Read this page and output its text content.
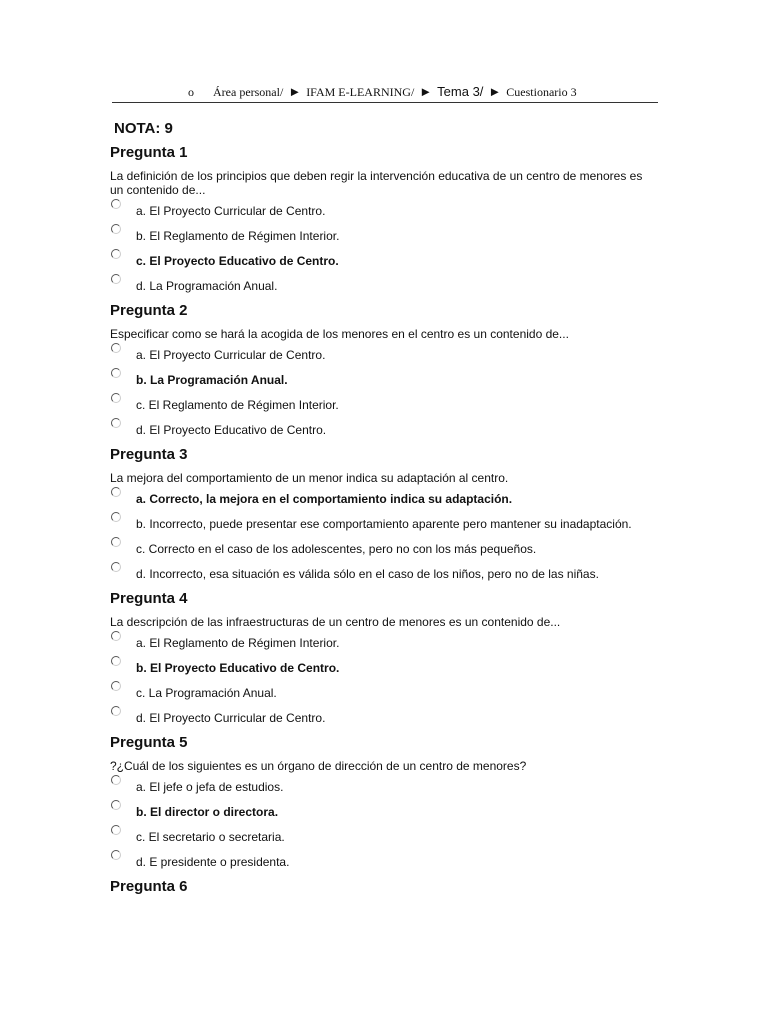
o Área personal/ ► IFAM E-LEARNING/ ► Tema 3/ ► Cuestionario 3
NOTA: 9
Pregunta 1
La definición de los principios que deben regir la intervención educativa de un centro de menores es un contenido de...
a. El Proyecto Curricular de Centro.
b. El Reglamento de Régimen Interior.
c. El Proyecto Educativo de Centro.
d. La Programación Anual.
Pregunta 2
Especificar como se hará la acogida de los menores en el centro es un contenido de...
a. El Proyecto Curricular de Centro.
b. La Programación Anual.
c. El Reglamento de Régimen Interior.
d. El Proyecto Educativo de Centro.
Pregunta 3
La mejora del comportamiento de un menor indica su adaptación al centro.
a. Correcto, la mejora en el comportamiento indica su adaptación.
b. Incorrecto, puede presentar ese comportamiento aparente pero mantener su inadaptación.
c. Correcto en el caso de los adolescentes, pero no con los más pequeños.
d. Incorrecto, esa situación es válida sólo en el caso de los niños, pero no de las niñas.
Pregunta 4
La descripción de las infraestructuras de un centro de menores es un contenido de...
a. El Reglamento de Régimen Interior.
b. El Proyecto Educativo de Centro.
c. La Programación Anual.
d. El Proyecto Curricular de Centro.
Pregunta 5
?¿Cuál de los siguientes es un órgano de dirección de un centro de menores?
a. El jefe o jefa de estudios.
b. El director o directora.
c. El secretario o secretaria.
d. E presidente o presidenta.
Pregunta 6
